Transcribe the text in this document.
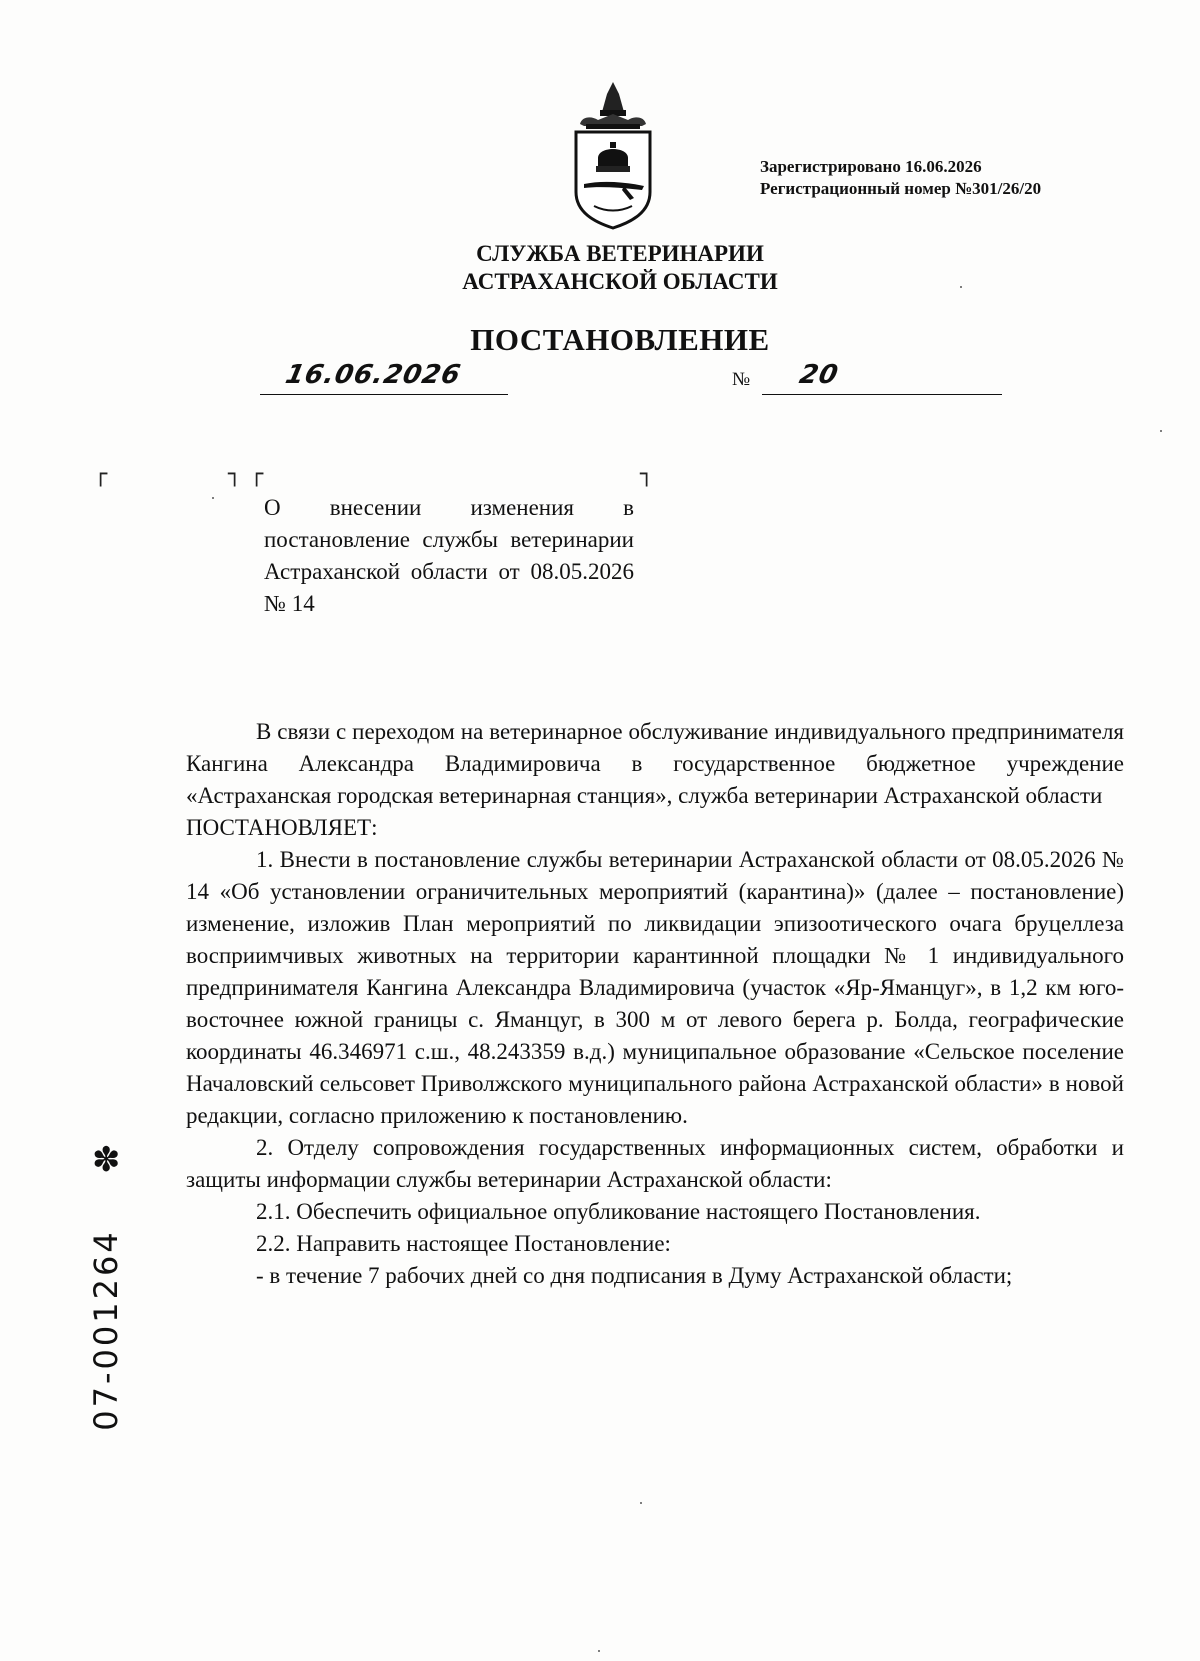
Зарегистрировано 16.06.2026
Регистрационный номер №301/26/20
СЛУЖБА ВЕТЕРИНАРИИ
АСТРАХАНСКОЙ ОБЛАСТИ
ПОСТАНОВЛЕНИЕ
16.06.2026	№ 20
┌	┐ ┌	┐
О внесении изменения в постановление службы ветеринарии Астраханской области от 08.05.2026 № 14

В связи с переходом на ветеринарное обслуживание индивидуального предпринимателя Кангина Александра Владимировича в государственное бюджетное учреждение «Астраханская городская ветеринарная станция», служба ветеринарии Астраханской области

ПОСТАНОВЛЯЕТ:

1. Внести в постановление службы ветеринарии Астраханской области от 08.05.2026 № 14 «Об установлении ограничительных мероприятий (карантина)» (далее – постановление) изменение, изложив План мероприятий по ликвидации эпизоотического очага бруцеллеза восприимчивых животных на территории карантинной площадки № 1 индивидуального предпринимателя Кангина Александра Владимировича (участок «Яр-Яманцуг», в 1,2 км юго-восточнее южной границы с. Яманцуг, в 300 м от левого берега р. Болда, географические координаты 46.346971 с.ш., 48.243359 в.д.) муниципальное образование «Сельское поселение Началовский сельсовет Приволжского муниципального района Астраханской области» в новой редакции, согласно приложению к постановлению.

2. Отделу сопровождения государственных информационных систем, обработки и защиты информации службы ветеринарии Астраханской области:

2.1. Обеспечить официальное опубликование настоящего Постановления.

2.2. Направить настоящее Постановление:

- в течение 7 рабочих дней со дня подписания в Думу Астраханской области;

✽
07-001264
